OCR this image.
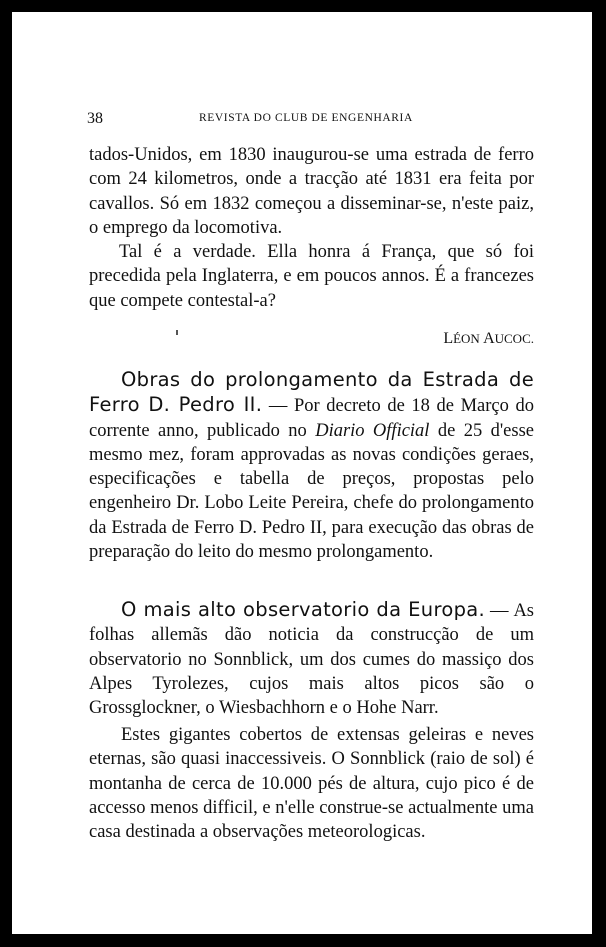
38	REVISTA DO CLUB DE ENGENHARIA

tados-Unidos, em 1830 inaugurou-se uma estrada de ferro com 24 kilometros, onde a tracção até 1831 era feita por cavallos. Só em 1832 começou a disseminar-se, n'este paiz, o emprego da locomotiva.

Tal é a verdade. Ella honra á França, que só foi precedida pela Inglaterra, e em poucos annos. É a francezes que compete contestal-a?

LÉON AUCOC.

Obras do prolongamento da Estrada de Ferro D. Pedro II. — Por decreto de 18 de Março do corrente anno, publicado no Diario Official de 25 d'esse mesmo mez, foram approvadas as novas condições geraes, especificações e tabella de preços, propostas pelo engenheiro Dr. Lobo Leite Pereira, chefe do prolongamento da Estrada de Ferro D. Pedro II, para execução das obras de preparação do leito do mesmo prolongamento.

O mais alto observatorio da Europa. — As folhas allemãs dão noticia da construcção de um observatorio no Sonnblick, um dos cumes do massiço dos Alpes Tyrolezes, cujos mais altos picos são o Grossglockner, o Wiesbachhorn e o Hohe Narr.

Estes gigantes cobertos de extensas geleiras e neves eternas, são quasi inaccessiveis. O Sonnblick (raio de sol) é montanha de cerca de 10.000 pés de altura, cujo pico é de accesso menos difficil, e n'elle construe-se actualmente uma casa destinada a observações meteorologicas.
